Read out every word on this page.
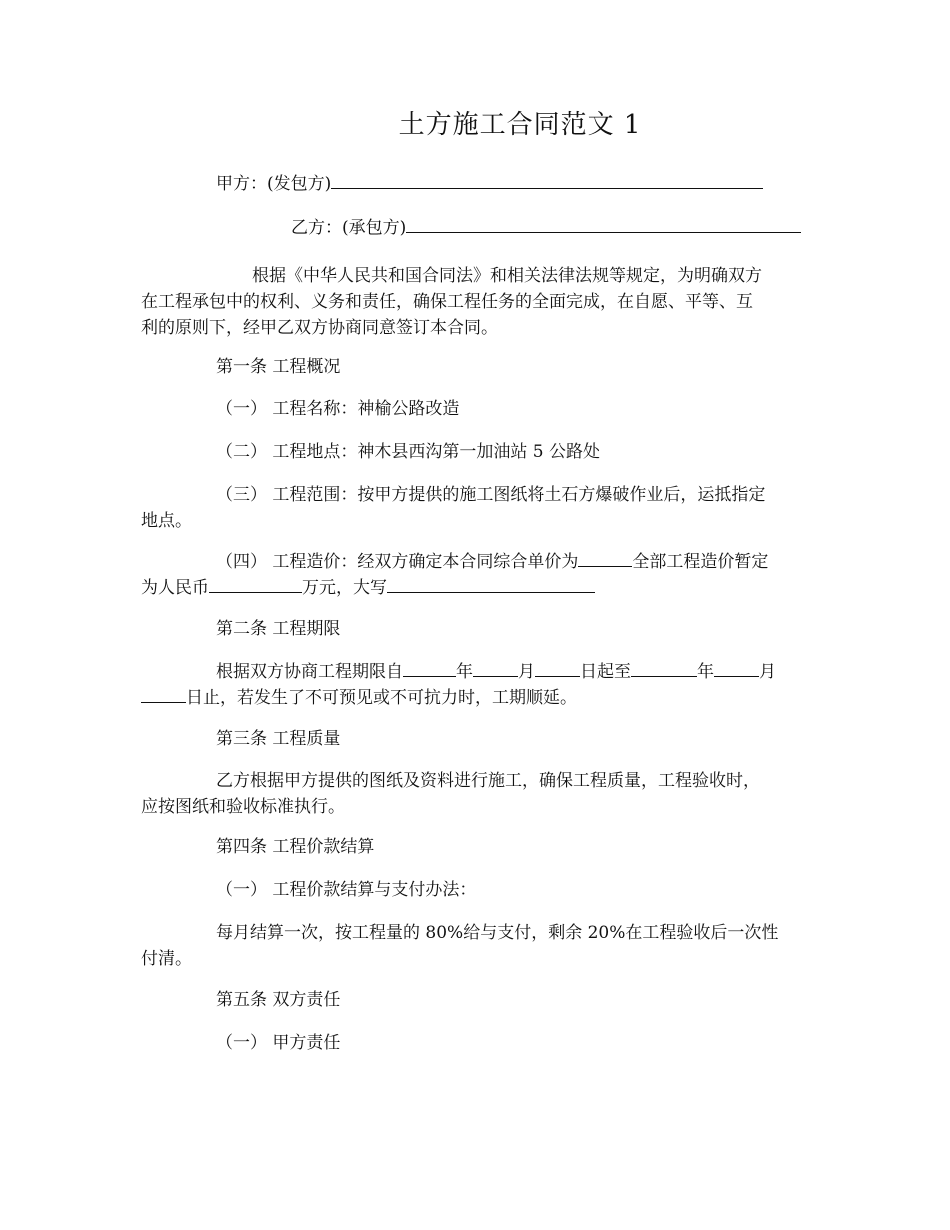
土方施工合同范文 1
甲方：(发包方)
乙方：(承包方)
根据《中华人民共和国合同法》和相关法律法规等规定，为明确双方
在工程承包中的权利、义务和责任，确保工程任务的全面完成，在自愿、平等、互
利的原则下，经甲乙双方协商同意签订本合同。
第一条 工程概况
（一） 工程名称：神榆公路改造
（二） 工程地点：神木县西沟第一加油站 5 公路处
（三） 工程范围：按甲方提供的施工图纸将土石方爆破作业后，运抵指定
地点。
（四） 工程造价：经双方确定本合同综合单价为	全部工程造价暂定
为人民币	万元，大写
第二条 工程期限
根据双方协商工程期限自	年	月	日起至	年	月
日止，若发生了不可预见或不可抗力时，工期顺延。
第三条 工程质量
乙方根据甲方提供的图纸及资料进行施工，确保工程质量，工程验收时，
应按图纸和验收标准执行。
第四条 工程价款结算
（一） 工程价款结算与支付办法：
每月结算一次，按工程量的 80%给与支付，剩余 20%在工程验收后一次性
付清。
第五条 双方责任
（一） 甲方责任
